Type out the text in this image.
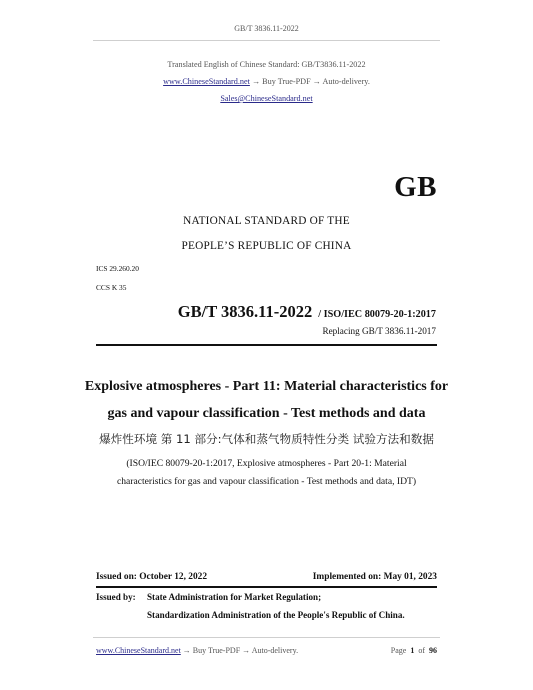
GB/T 3836.11-2022
Translated English of Chinese Standard: GB/T3836.11-2022
www.ChineseStandard.net → Buy True-PDF → Auto-delivery.
Sales@ChineseStandard.net
GB
NATIONAL STANDARD OF THE
PEOPLE’S REPUBLIC OF CHINA
ICS 29.260.20
CCS K 35
GB/T 3836.11-2022 / ISO/IEC 80079-20-1:2017
Replacing GB/T 3836.11-2017
Explosive atmospheres - Part 11: Material characteristics for
gas and vapour classification - Test methods and data
爆炸性环境 第 11 部分:气体和蒸气物质特性分类 试验方法和数据
(ISO/IEC 80079-20-1:2017, Explosive atmospheres - Part 20-1: Material
characteristics for gas and vapour classification - Test methods and data, IDT)
Issued on: October 12, 2022	Implemented on: May 01, 2023
Issued by: State Administration for Market Regulation;
Standardization Administration of the People's Republic of China.
www.ChineseStandard.net → Buy True-PDF → Auto-delivery.	Page 1 of 96
